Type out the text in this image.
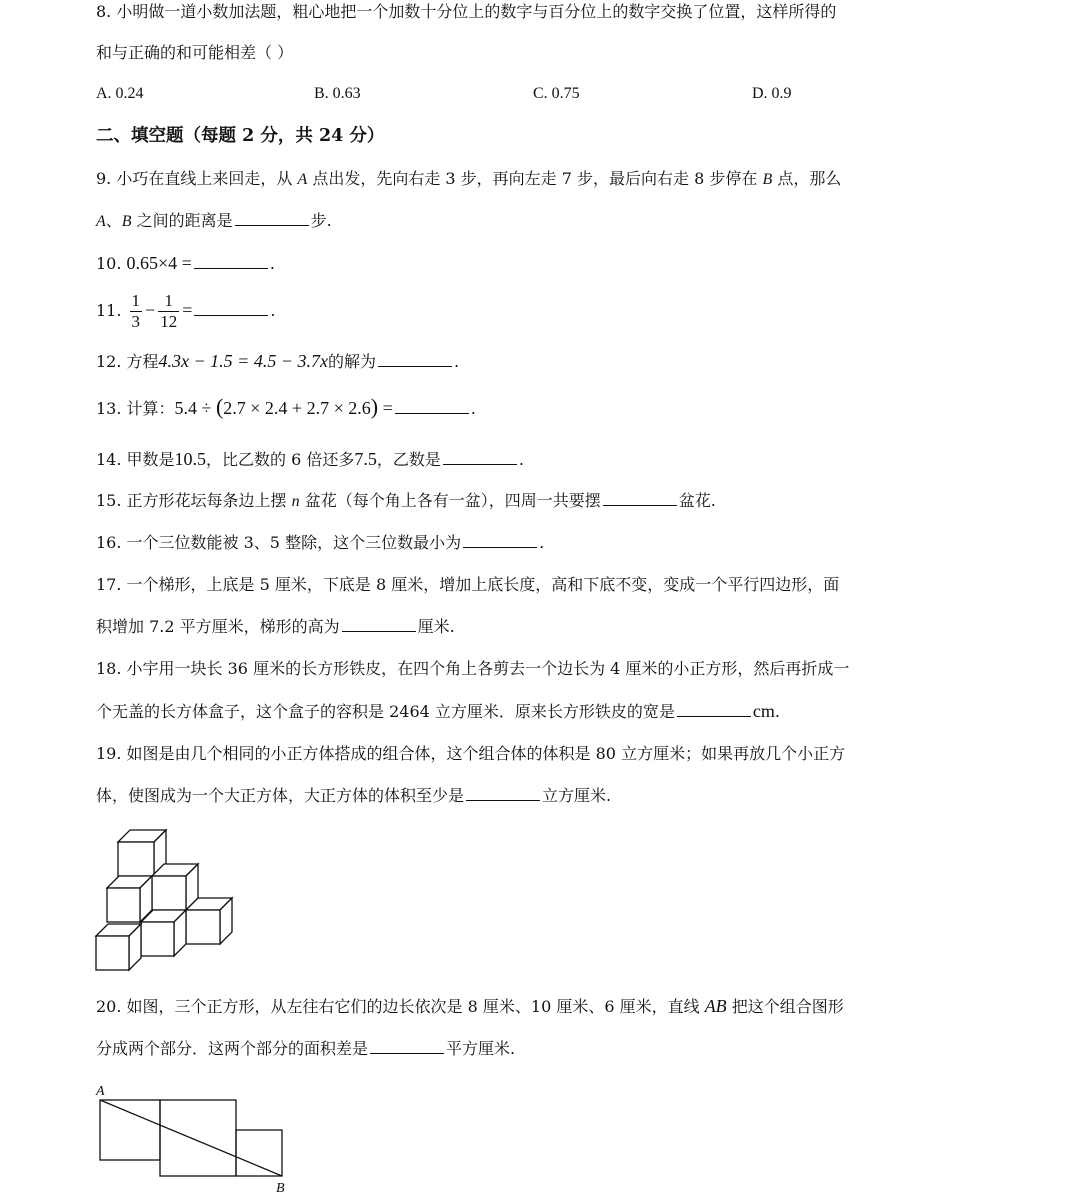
8. 小明做一道小数加法题，粗心地把一个加数十分位上的数字与百分位上的数字交换了位置，这样所得的
和与正确的和可能相差（ ）
A. 0.24	B. 0.63	C. 0.75	D. 0.9
二、填空题（每题 2 分，共 24 分）
9. 小巧在直线上来回走，从 A 点出发，先向右走 3 步，再向左走 7 步，最后向右走 8 步停在 B 点，那么
A、B 之间的距离是	步.
10. 0.65×4 =	.
11. $\frac{1}{3} - \frac{1}{12}$ =	.
12. 方程4.3x − 1.5 = 4.5 − 3.7x的解为	.
13. 计算：5.4 ÷ (2.7 × 2.4 + 2.7 × 2.6) =	.
14. 甲数是10.5，比乙数的 6 倍还多7.5，乙数是	.
15. 正方形花坛每条边上摆 n 盆花（每个角上各有一盆），四周一共要摆	盆花.
16. 一个三位数能被 3、5 整除，这个三位数最小为	.
17. 一个梯形，上底是 5 厘米，下底是 8 厘米，增加上底长度，高和下底不变，变成一个平行四边形，面
积增加 7.2 平方厘米，梯形的高为	厘米.
18. 小宇用一块长 36 厘米的长方形铁皮，在四个角上各剪去一个边长为 4 厘米的小正方形，然后再折成一
个无盖的长方体盒子，这个盒子的容积是 2464 立方厘米．原来长方形铁皮的宽是	cm.
19. 如图是由几个相同的小正方体搭成的组合体，这个组合体的体积是 80 立方厘米；如果再放几个小正方
体，使图成为一个大正方体，大正方体的体积至少是	立方厘米.
20. 如图，三个正方形，从左往右它们的边长依次是 8 厘米、10 厘米、6 厘米，直线 AB 把这个组合图形
分成两个部分．这两个部分的面积差是	平方厘米.
A
B
